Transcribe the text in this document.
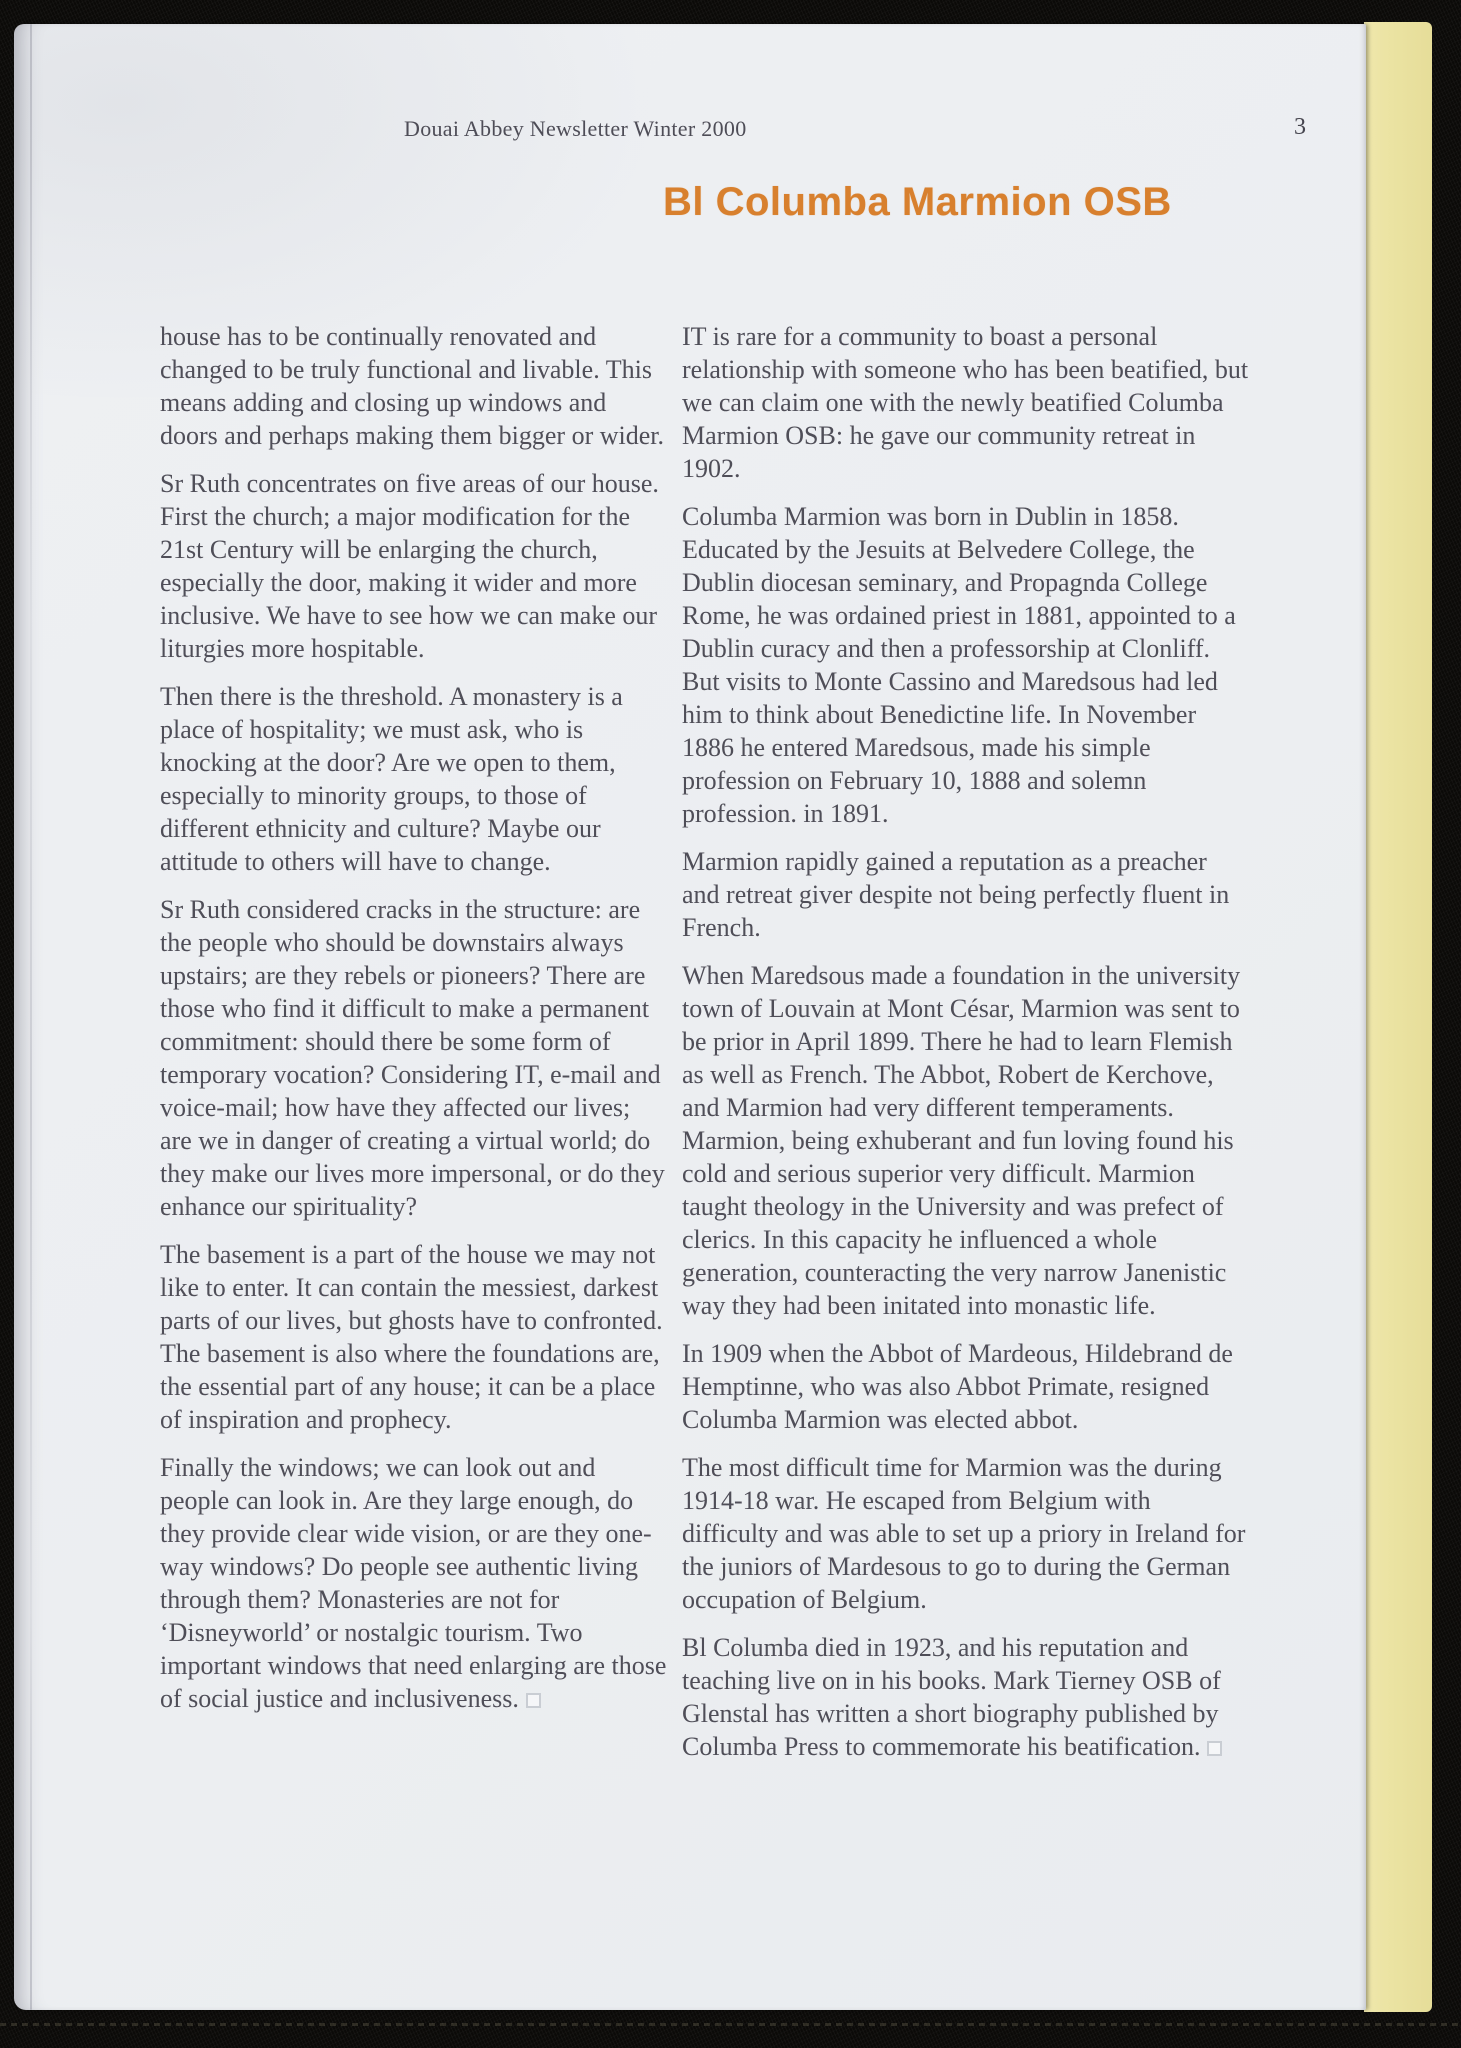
Douai Abbey Newsletter Winter 2000	3
Bl Columba Marmion OSB

house has to be continually renovated and changed to be truly functional and livable. This means adding and closing up windows and doors and perhaps making them bigger or wider.

Sr Ruth concentrates on five areas of our house. First the church; a major modification for the 21st Century will be enlarging the church, especially the door, making it wider and more inclusive. We have to see how we can make our liturgies more hospitable.

Then there is the threshold. A monastery is a place of hospitality; we must ask, who is knocking at the door? Are we open to them, especially to minority groups, to those of different ethnicity and culture? Maybe our attitude to others will have to change.

Sr Ruth considered cracks in the structure: are the people who should be downstairs always upstairs; are they rebels or pioneers? There are those who find it difficult to make a permanent commitment: should there be some form of temporary vocation? Considering IT, e-mail and voice-mail; how have they affected our lives; are we in danger of creating a virtual world; do they make our lives more impersonal, or do they enhance our spirituality?

The basement is a part of the house we may not like to enter. It can contain the messiest, darkest parts of our lives, but ghosts have to confronted. The basement is also where the foundations are, the essential part of any house; it can be a place of inspiration and prophecy.

Finally the windows; we can look out and people can look in. Are they large enough, do they provide clear wide vision, or are they one-way windows? Do people see authentic living through them? Monasteries are not for ‘Disneyworld’ or nostalgic tourism. Two important windows that need enlarging are those of social justice and inclusiveness.

IT is rare for a community to boast a personal relationship with someone who has been beatified, but we can claim one with the newly beatified Columba Marmion OSB: he gave our community retreat in 1902.

Columba Marmion was born in Dublin in 1858. Educated by the Jesuits at Belvedere College, the Dublin diocesan seminary, and Propagnda College Rome, he was ordained priest in 1881, appointed to a Dublin curacy and then a professorship at Clonliff. But visits to Monte Cassino and Maredsous had led him to think about Benedictine life. In November 1886 he entered Maredsous, made his simple profession on February 10, 1888 and solemn profession. in 1891.

Marmion rapidly gained a reputation as a preacher and retreat giver despite not being perfectly fluent in French.

When Maredsous made a foundation in the university town of Louvain at Mont César, Marmion was sent to be prior in April 1899. There he had to learn Flemish as well as French. The Abbot, Robert de Kerchove, and Marmion had very different temperaments. Marmion, being exhuberant and fun loving found his cold and serious superior very difficult. Marmion taught theology in the University and was prefect of clerics. In this capacity he influenced a whole generation, counteracting the very narrow Janenistic way they had been initated into monastic life.

In 1909 when the Abbot of Mardeous, Hildebrand de Hemptinne, who was also Abbot Primate, resigned Columba Marmion was elected abbot.

The most difficult time for Marmion was the during 1914-18 war. He escaped from Belgium with difficulty and was able to set up a priory in Ireland for the juniors of Mardesous to go to during the German occupation of Belgium.

Bl Columba died in 1923, and his reputation and teaching live on in his books. Mark Tierney OSB of Glenstal has written a short biography published by Columba Press to commemorate his beatification.
